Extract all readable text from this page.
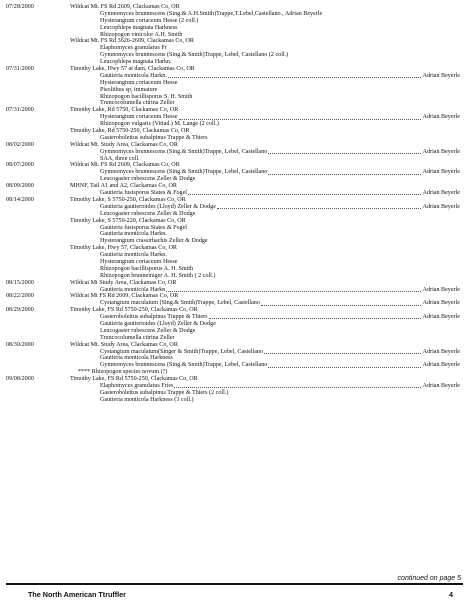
07/28/2000	Wildcat Mt. FS Rd 2609, Clackamas Co, OR
Gymnomyces brunnescens (Sing.& A.H.Smith)Trappe,T.Lebel,Castellano., Adrian Beyerle
Hysterangium coriaceum Hesse (2 coll.)
Leucophleps magnata Harkness
Rhizopogon vinicolor A.H. Smith
Wildcat Mt. FS Rd 3626-2609, Clackamas Co, OR
Elaphomyces granulatus Fr
Gymnomyces brunnescens (Sing.& Smith)Trappe, Lebel, Castellano (2 coll.)
Leucophleps magnata Harkn.
07/31/2000	Timothy Lake, Hwy 57 at dam, Clackamas Co, OR
Gautieria monticola Harkn.	Adrian Beyerle
Hysterangium coriaceum Hesse
Pisolithus sp, immature
Rhizopogon bacillisporus S. H. Smith
Truncocolumella citrina Zeller
07/31/2000	Timothy Lake, Rd 5750, Clackamas Co, OR
Hysterangium coriaceum Hesse	Adrian Beyerle
Rhizopogon vulgaris (Vittad.) M. Lange (2 coll.)
Timothy Lake, Rd 5750-250, Clackamas Co, OR
Gasterobolettus subalpinus Trappe & Thiers
08/02/2000	Wildcat Mt. Study Area, Clackamas Co, OR
Gymnomyces brunnescens (Sing.& Smith)Trappe, Lebel, Castellano	Adrian Beyerle
SAA, three coll.
08/07/2000	Wildcat Mt. FS Rd 2609, Clackamas Co, OR
Gymnomyces brunnescens (Sing.& Smith)Trappe, Lebel, Castellano	Adrian Beyerle
Leucogaster rubescens Zeller & Dodge
08/09/2000	MHNF, Tail A1 and A2, Clackamas Co, OR
Gautieria fusisporus States & Fogel	Adrian Beyerle
08/14/2000	Timothy Lake, S 5750-250, Clackamas Co, OR
Gautieria gautierioides (Lloyd) Zeller & Dodge	Adrian Beyerle
Leucogaster rubescens Zeller & Dodge
Timothy Lake, S 5750-220, Clackamas Co, OR
Gautieria fusisporus States & Fogel
Gautieria monticola Harkn.
Hysterangium crassirhachis Zeller & Dodge
Timothy Lake, Hwy 57, Clackamas Co, OR
Gautieria monticola Harkn.
Hysterangium coriaceum Hesse
Rhizopogon bacillisporus A. H. Smith
Rhizopogon brunneiniger A. H. Smith ( 2 coll.)
08/15/2000	Wildcat Mt Study Area, Clackamas Co, OR
Gautieria monticola Harkn	Adrian Beyerle
08/22/2000	Wildcat Mt FS Rd 2609, Clackamas Co, OR
Cystangium maculatum (Sing.& Smith)Trappe, Lebel, Castellano	Adrian Beyerle
08/29/2000	Timothy Lake, FS Rd 5750-250, Clackamas Co, OR
Gasterobolettus subalpinus Trappe & Thiers	Adrian Beyerle
Gautieria gautierioides (Lloyd) Zeller & Dodge
Leucogaster rubescens Zeller & Dodge
Truncocolumella citrina Zeller
08/30/2000	Wildcat Mt. Study Area, Clackamas Co, OR
Cystangium maculatum(Singer & Smith)Trappe, Lebel, Castellano	Adrian Beyerle
Gautieria monticola Harkness
Gymnomyces brunnescens (Sing.& Smith)Trappe, Lebel, Castellano	Adrian Beyerle
**** Rhizopogon species novum (?)
09/08/2000	Timothy Lake, FS Rd 5750-250, Clackamas Co, OR
Elaphomyces granulatus Fries	Adrian Beyerle
Gasterobolettus subalpinus Trappe & Thiers (2 coll.)
Gautieria monticola Harkness (3 coll.)
continued on page 5
The North American Ttruffler	4
